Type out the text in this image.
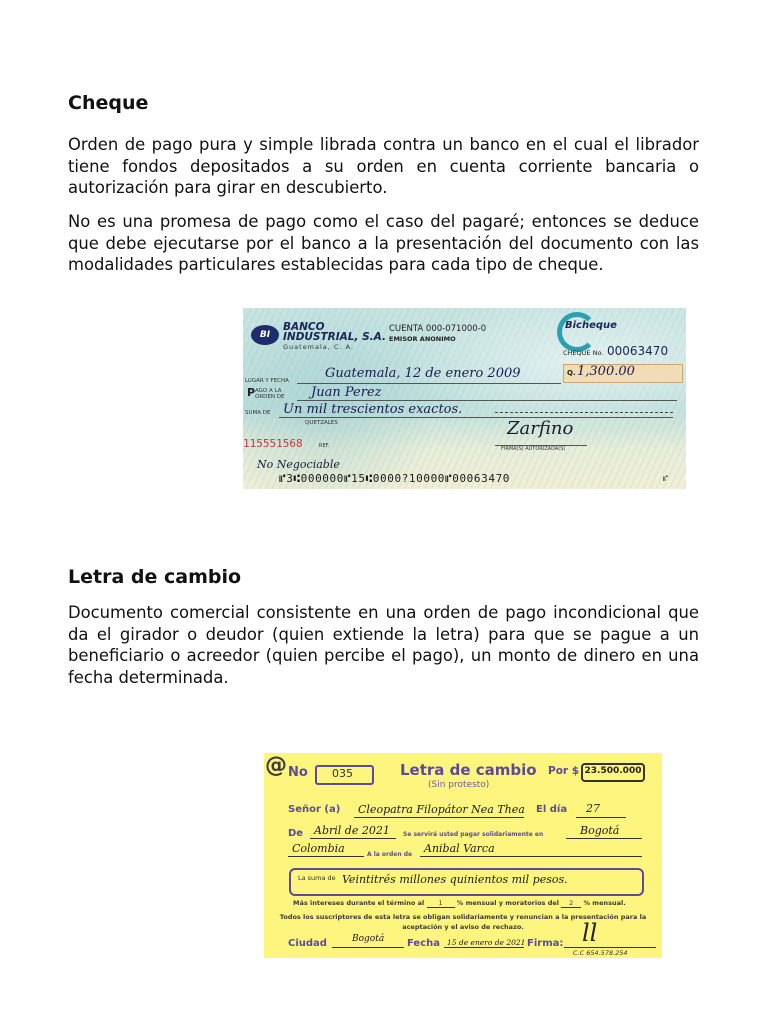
Cheque

Orden de pago pura y simple librada contra un banco en el cual el librador tiene fondos depositados a su orden en cuenta corriente bancaria o autorización para girar en descubierto.

No es una promesa de pago como el caso del pagaré; entonces se deduce que debe ejecutarse por el banco a la presentación del documento con las modalidades particulares establecidas para cada tipo de cheque.

BI
BANCO INDUSTRIAL, S.A.
Guatemala, C. A.
CUENTA 000-071000-0
EMISOR ANONIMO
Bicheque
CHEQUE No. 00063470
LUGAR Y FECHA	Guatemala, 12 de enero 2009	Q. 1,300.00
P AGO A LA ORDEN DE Juan Perez
SUMA DE Un mil trescientos exactos.
QUETZALES
115551568	REF.
Zarfino
FIRMA(S) AUTORIZADA(S)
No Negociable
⑈3⑆000000⑈15⑆0000?10000⑈00063470	⑈
Letra de cambio

Documento comercial consistente en una orden de pago incondicional que da el girador o deudor (quien extiende la letra) para que se pague a un beneficiario o acreedor (quien percibe el pago), un monto de dinero en una fecha determinada.

@ No	035	Letra de cambio
(Sin protesto)
Por $ 23.500.000
Señor (a) Cleopatra Filopátor Nea Thea El día 27
De Abril de 2021 Se servirá usted pagar solidariamente en	Bogotá
Colombia	A la orden de Anibal Varca
La suma de Veintitrés millones quinientos mil pesos.
Más intereses durante el término al 1 % mensual y moratorios del 2 % mensual.
Todos los suscriptores de esta letra se obligan solidariamente y renuncian a la presentación para la
aceptación y el aviso de rechazo.
Ciudad	Bogotá Fecha 15 de enero de 2021 Firma: ll
C.C 654.578.254
